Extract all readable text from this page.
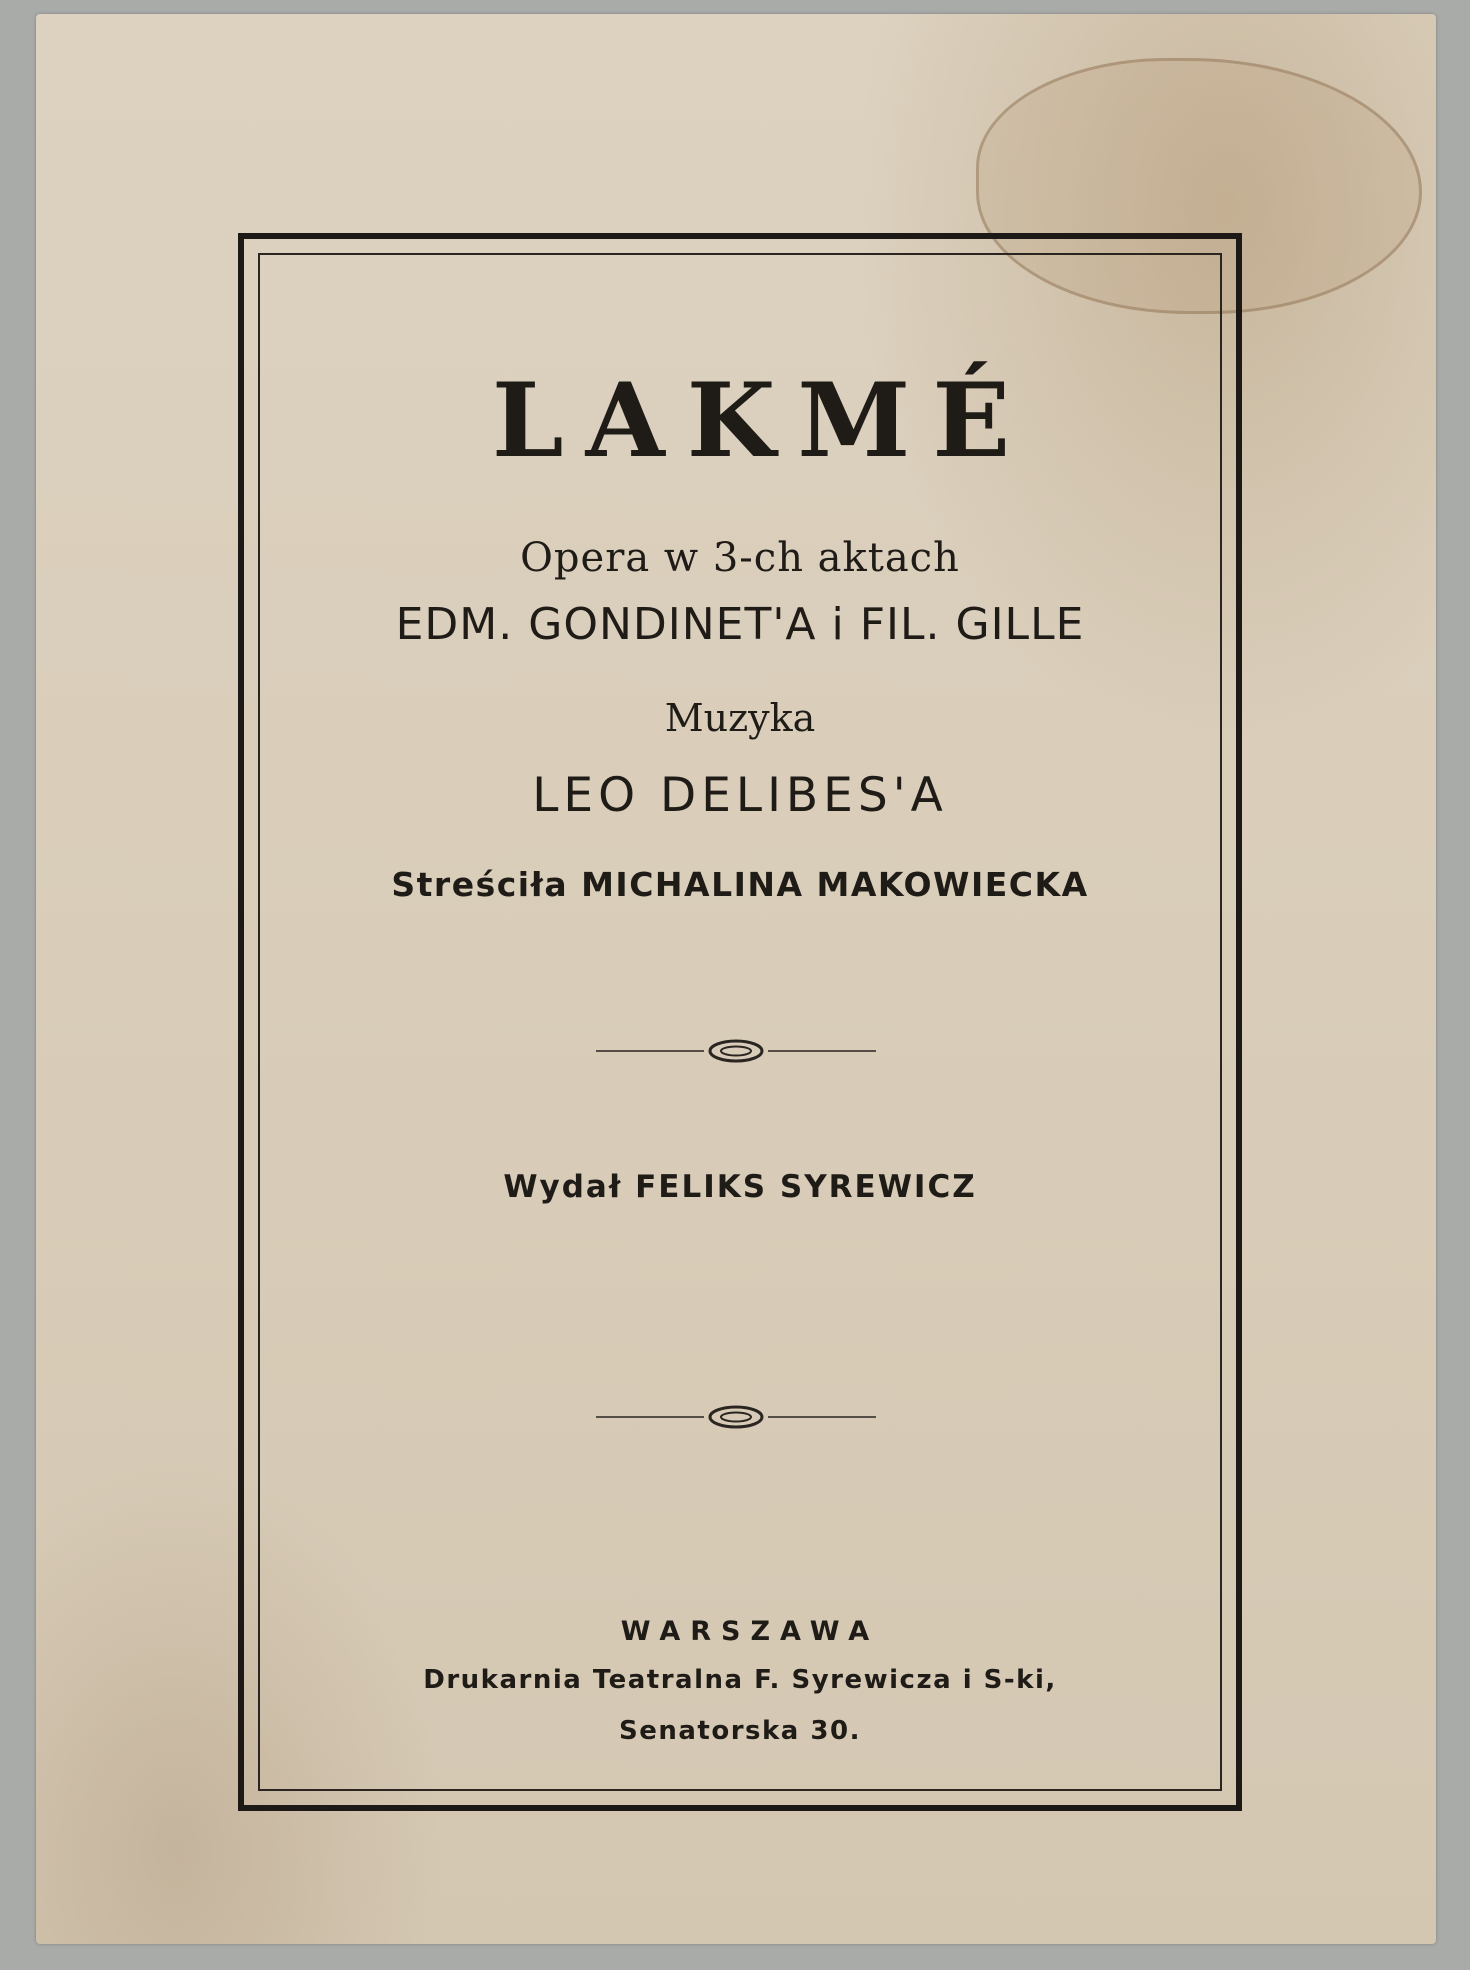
LAKMÉ
Opera w 3-ch aktach
EDM. GONDINET'A i FIL. GILLE
Muzyka
LEO DELIBES'A
Streściła MICHALINA MAKOWIECKA
Wydał FELIKS SYREWICZ
WARSZAWA
Drukarnia Teatralna F. Syrewicza i S-ki,
Senatorska 30.
